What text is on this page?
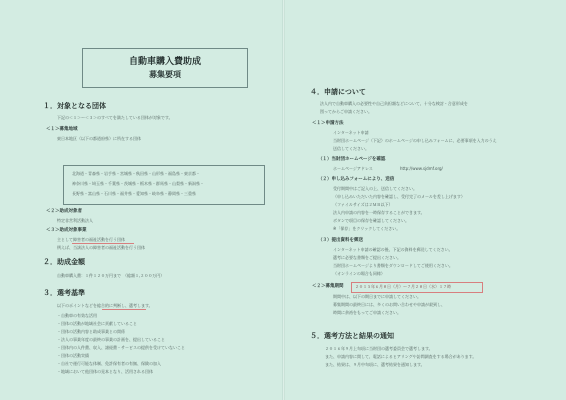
自動車購入費助成
募集要項
１．対象となる団体
下記の＜１＞～＜３＞のすべてを満たしている団体が対象です。
＜１＞募集地域
東日本地区（以下の都道府県）に所在する団体
北海道・青森県・岩手県・宮城県・秋田県・山形県・福島県・東京都・
神奈川県・埼玉県・千葉県・茨城県・栃木県・群馬県・山梨県・新潟県・
長野県・富山県・石川県・福井県・愛知県・岐阜県・静岡県・三重県
＜２＞助成対象者
特定非営利活動法人
＜３＞助成対象事業
主として障害者の福祉活動を行う団体
例えば、当該法人の障害者の福祉活動を行う団体
２．助成金額
自動車購入費：１件１２０万円まで　（総額１,２００万円）
３．選考基準
以下のポイントなどを総合的に判断し、選考します。
・自動車の有効な活用
・団体の活動が地域社会に貢献していること
・団体の活動内容と助成事業との関係
・法人の事業年度の最終の事業の計画を、提出していること
・団体内の人件費、収入、諸経費・サービスの提供を受けていないこと
・団体の活動実績
・自社で運行可能な体制、免許保有者の有無、保険の加入
・地域において他団体の見本となり、活用される団体
４．申請について
法人内で自動車購入の必要性や自己負担額などについて、十分な検討・合意形成を
図ってからご申請ください。
＜１＞申請方法
インターネット申請
当財団ホームページ（下記）のホームページの申し込みフォームに、必要事項を入力のうえ
送信してください。
（１）当財団ホームページを確認
ホームページアドレス	http://www.sjdmf.org/
（２）申し込みフォームにより、送信
受付期間中はご記入の上、送信してください。
（申し込みいただいた内容を確認し、受付完了のメールを差し上げます）
（ファイルサイズは２ＭＢ以下）
法人内申請の内容を一時保存することができます。
ボタンで項目の保存を確認してください。
※「保存」をクリックしてください。
（３）提出資料を郵送
インターネット申請の確認の後、下記の資料を郵送してください。
選考に必要な書類をご提出ください。
当財団ホームページより書類をダウンロードしてご使用ください。
（オンラインの場合も同様）
＜２＞募集期間	２０１５年６月８日（月）～７月２８日（水）１７時
期間中は、以下の期日までに申請してください。
募集期間の最終日には、多くのお問い合わせや申請が殺到し、
時間に余裕をもってご申請ください。
５．選考方法と結果の通知
２０１６年９月上旬頃に当財団の選考委員会で選考します。
また、申請内容に関して、電話によるヒアリングや訪問調査をする場合があります。
また、結果は、９月中旬頃に、選考結果を通知します。
